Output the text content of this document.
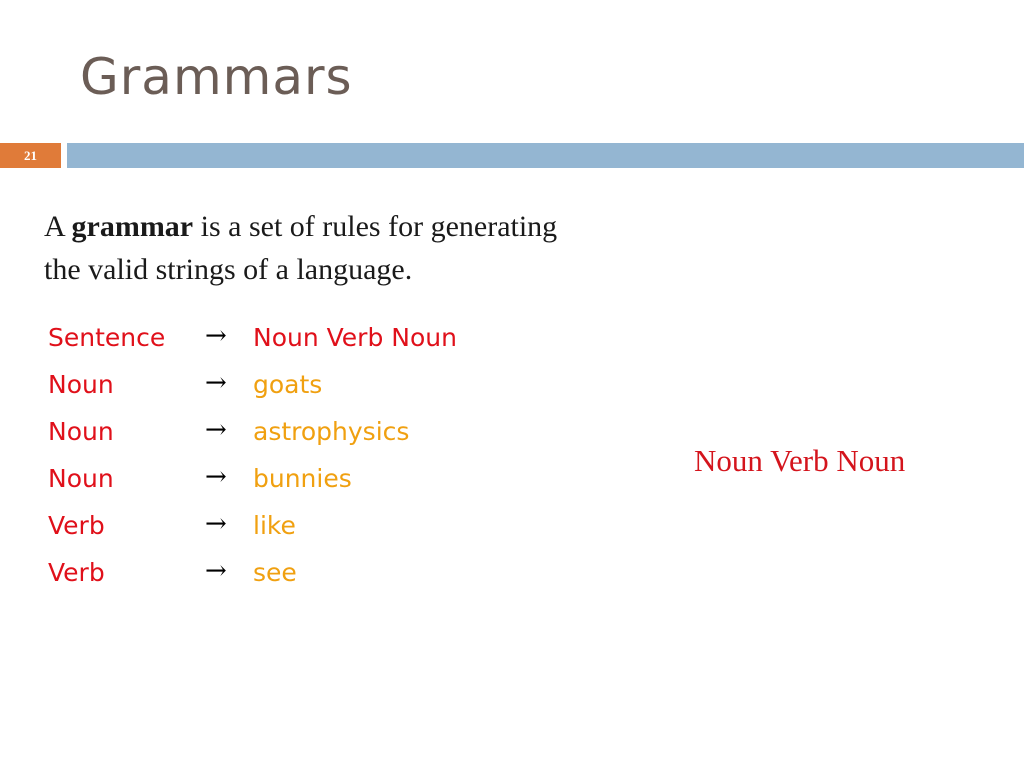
Grammars
21
A grammar is a set of rules for generating
the valid strings of a language.
Sentence → Noun Verb Noun
Noun	→ goats
Noun	→ astrophysics
Noun	→ bunnies
Verb	→ like
Verb	→ see
Noun Verb Noun
